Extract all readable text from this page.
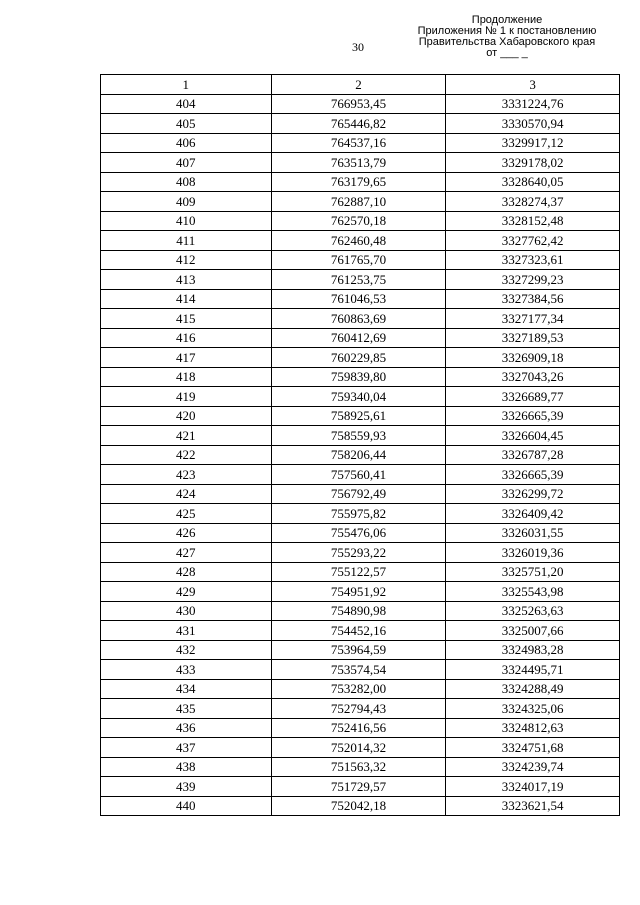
Продолжение
Приложения № 1 к постановлению
Правительства Хабаровского края
от ___ _
30
1	2	3
404	766953,45	3331224,76
405	765446,82	3330570,94
406	764537,16	3329917,12
407	763513,79	3329178,02
408	763179,65	3328640,05
409	762887,10	3328274,37
410	762570,18	3328152,48
411	762460,48	3327762,42
412	761765,70	3327323,61
413	761253,75	3327299,23
414	761046,53	3327384,56
415	760863,69	3327177,34
416	760412,69	3327189,53
417	760229,85	3326909,18
418	759839,80	3327043,26
419	759340,04	3326689,77
420	758925,61	3326665,39
421	758559,93	3326604,45
422	758206,44	3326787,28
423	757560,41	3326665,39
424	756792,49	3326299,72
425	755975,82	3326409,42
426	755476,06	3326031,55
427	755293,22	3326019,36
428	755122,57	3325751,20
429	754951,92	3325543,98
430	754890,98	3325263,63
431	754452,16	3325007,66
432	753964,59	3324983,28
433	753574,54	3324495,71
434	753282,00	3324288,49
435	752794,43	3324325,06
436	752416,56	3324812,63
437	752014,32	3324751,68
438	751563,32	3324239,74
439	751729,57	3324017,19
440	752042,18	3323621,54
